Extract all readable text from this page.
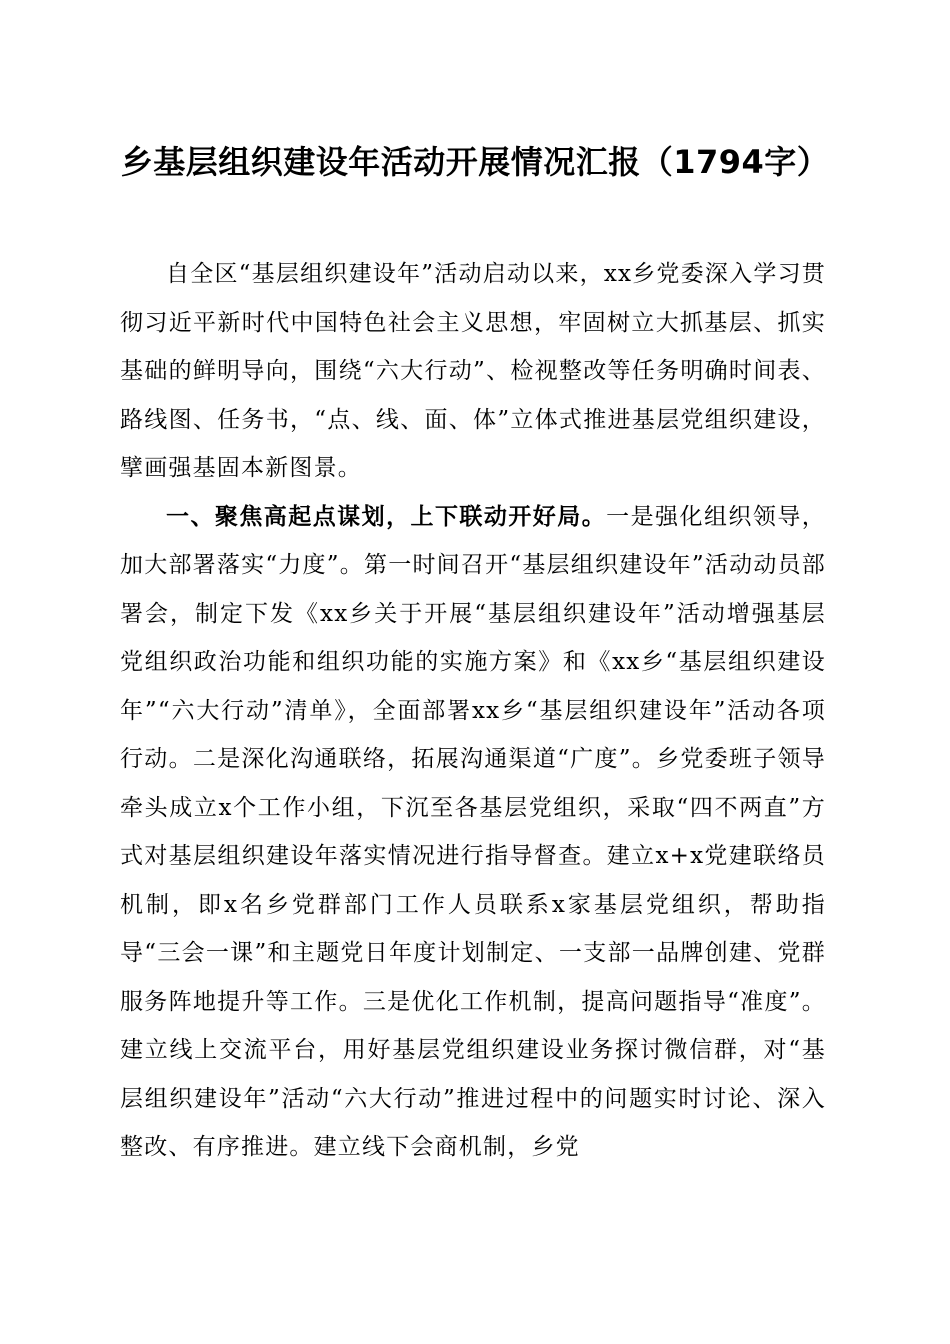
乡基层组织建设年活动开展情况汇报（1794字）

自全区“基层组织建设年”活动启动以来，xx乡党委深入学习贯彻习近平新时代中国特色社会主义思想，牢固树立大抓基层、抓实基础的鲜明导向，围绕“六大行动”、检视整改等任务明确时间表、路线图、任务书，“点、线、面、体”立体式推进基层党组织建设，擘画强基固本新图景。

一、聚焦高起点谋划，上下联动开好局。一是强化组织领导，加大部署落实“力度”。第一时间召开“基层组织建设年”活动动员部署会，制定下发《xx乡关于开展“基层组织建设年”活动增强基层党组织政治功能和组织功能的实施方案》和《xx乡“基层组织建设年”“六大行动”清单》，全面部署xx乡“基层组织建设年”活动各项行动。二是深化沟通联络，拓展沟通渠道“广度”。乡党委班子领导牵头成立x个工作小组，下沉至各基层党组织，采取“四不两直”方式对基层组织建设年落实情况进行指导督查。建立x+x党建联络员机制，即x名乡党群部门工作人员联系x家基层党组织，帮助指导“三会一课”和主题党日年度计划制定、一支部一品牌创建、党群服务阵地提升等工作。三是优化工作机制，提高问题指导“准度”。建立线上交流平台，用好基层党组织建设业务探讨微信群，对“基层组织建设年”活动“六大行动”推进过程中的问题实时讨论、深入整改、有序推进。建立线下会商机制，乡党
